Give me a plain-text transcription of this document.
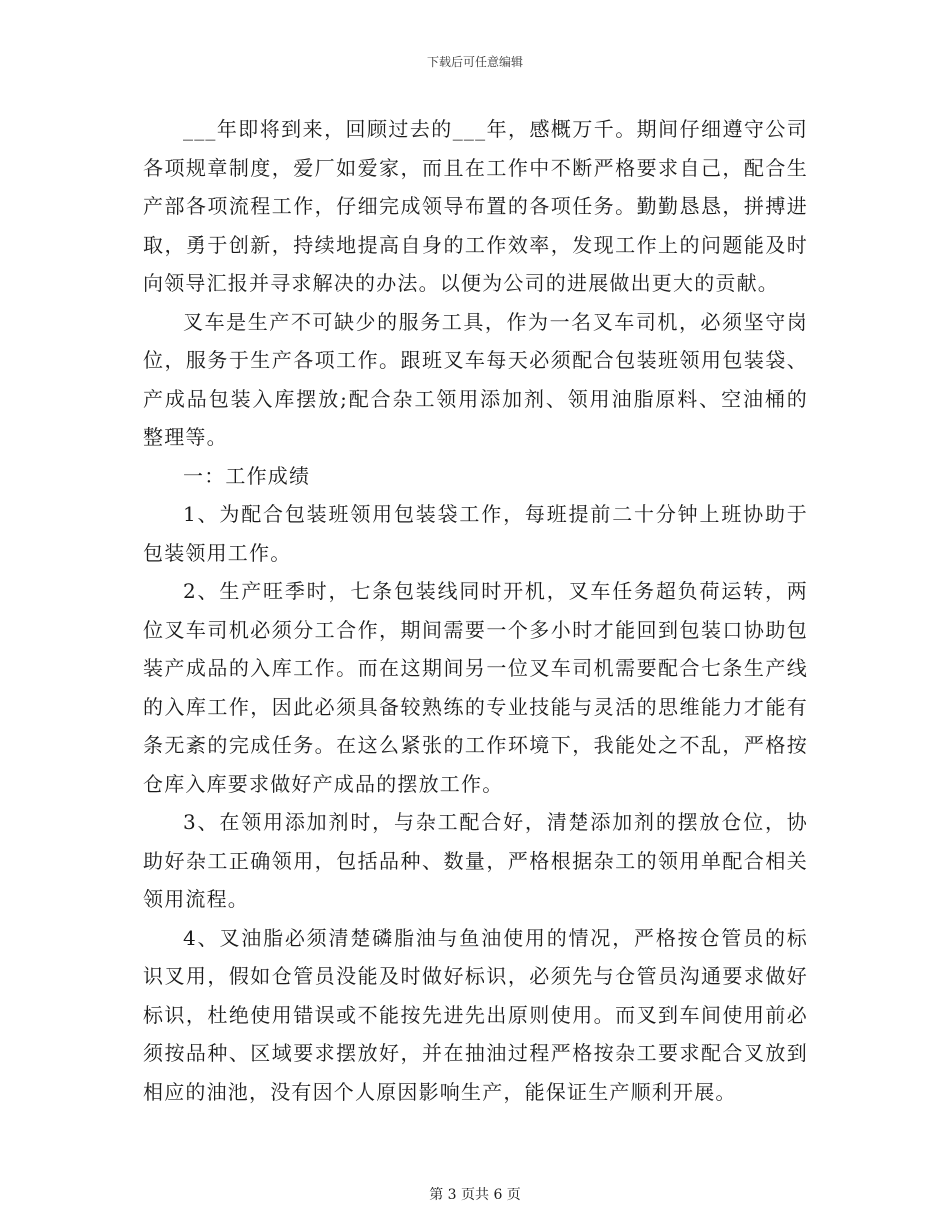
下载后可任意编辑

___年即将到来，回顾过去的___年，感概万千。期间仔细遵守公司各项规章制度，爱厂如爱家，而且在工作中不断严格要求自己，配合生产部各项流程工作，仔细完成领导布置的各项任务。勤勤恳恳，拼搏进取，勇于创新，持续地提高自身的工作效率，发现工作上的问题能及时向领导汇报并寻求解决的办法。以便为公司的进展做出更大的贡献。

叉车是生产不可缺少的服务工具，作为一名叉车司机，必须坚守岗位，服务于生产各项工作。跟班叉车每天必须配合包装班领用包装袋、产成品包装入库摆放;配合杂工领用添加剂、领用油脂原料、空油桶的整理等。

一：工作成绩

1、为配合包装班领用包装袋工作，每班提前二十分钟上班协助于包装领用工作。

2、生产旺季时，七条包装线同时开机，叉车任务超负荷运转，两位叉车司机必须分工合作，期间需要一个多小时才能回到包装口协助包装产成品的入库工作。而在这期间另一位叉车司机需要配合七条生产线的入库工作，因此必须具备较熟练的专业技能与灵活的思维能力才能有条无紊的完成任务。在这么紧张的工作环境下，我能处之不乱，严格按仓库入库要求做好产成品的摆放工作。

3、在领用添加剂时，与杂工配合好，清楚添加剂的摆放仓位，协助好杂工正确领用，包括品种、数量，严格根据杂工的领用单配合相关领用流程。

4、叉油脂必须清楚磷脂油与鱼油使用的情况，严格按仓管员的标识叉用，假如仓管员没能及时做好标识，必须先与仓管员沟通要求做好标识，杜绝使用错误或不能按先进先出原则使用。而叉到车间使用前必须按品种、区域要求摆放好，并在抽油过程严格按杂工要求配合叉放到相应的油池，没有因个人原因影响生产，能保证生产顺利开展。

第 3 页共 6 页
